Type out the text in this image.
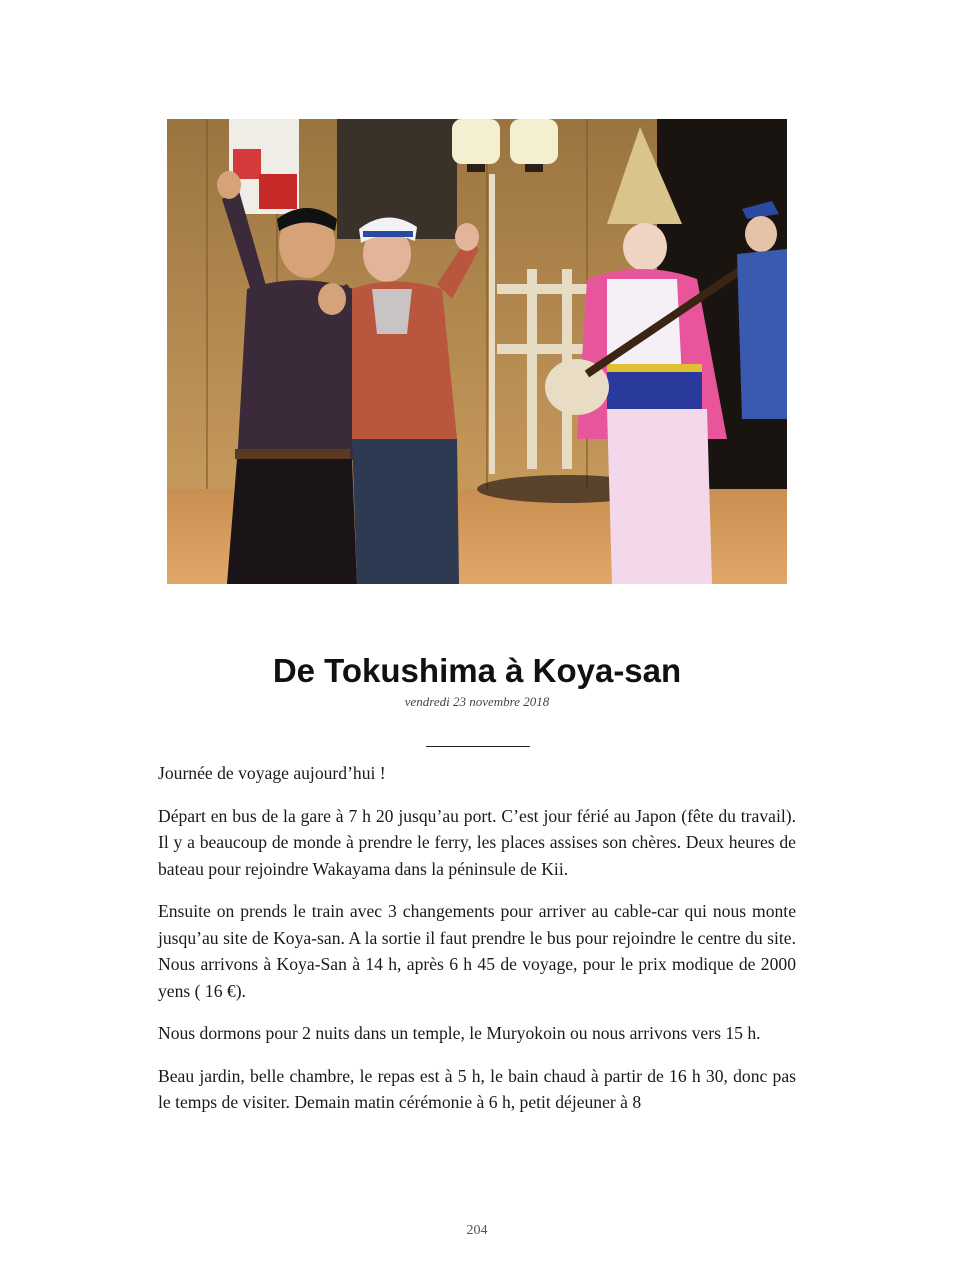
De Tokushima à Koya-san
vendredi 23 novembre 2018

Journée de voyage aujourd’hui !

Départ en bus de la gare à 7 h 20 jusqu’au port. C’est jour férié au Japon (fête du travail). Il y a beaucoup de monde à prendre le ferry, les places assises son chères. Deux heures de bateau pour rejoindre Wakayama dans la péninsule de Kii.

Ensuite on prends le train avec 3 changements pour arriver au cable-car qui nous monte jusqu’au site de Koya-san. A la sortie il faut prendre le bus pour rejoindre le centre du site. Nous arrivons à Koya-San à 14 h, après 6 h 45 de voyage, pour le prix modique de 2000 yens ( 16 €).

Nous dormons pour 2 nuits dans un temple, le Muryokoin ou nous arrivons vers 15 h.

Beau jardin, belle chambre, le repas est à 5 h, le bain chaud à partir de 16 h 30, donc pas le temps de visiter. Demain matin cérémonie à 6 h, petit déjeuner à 8

204
